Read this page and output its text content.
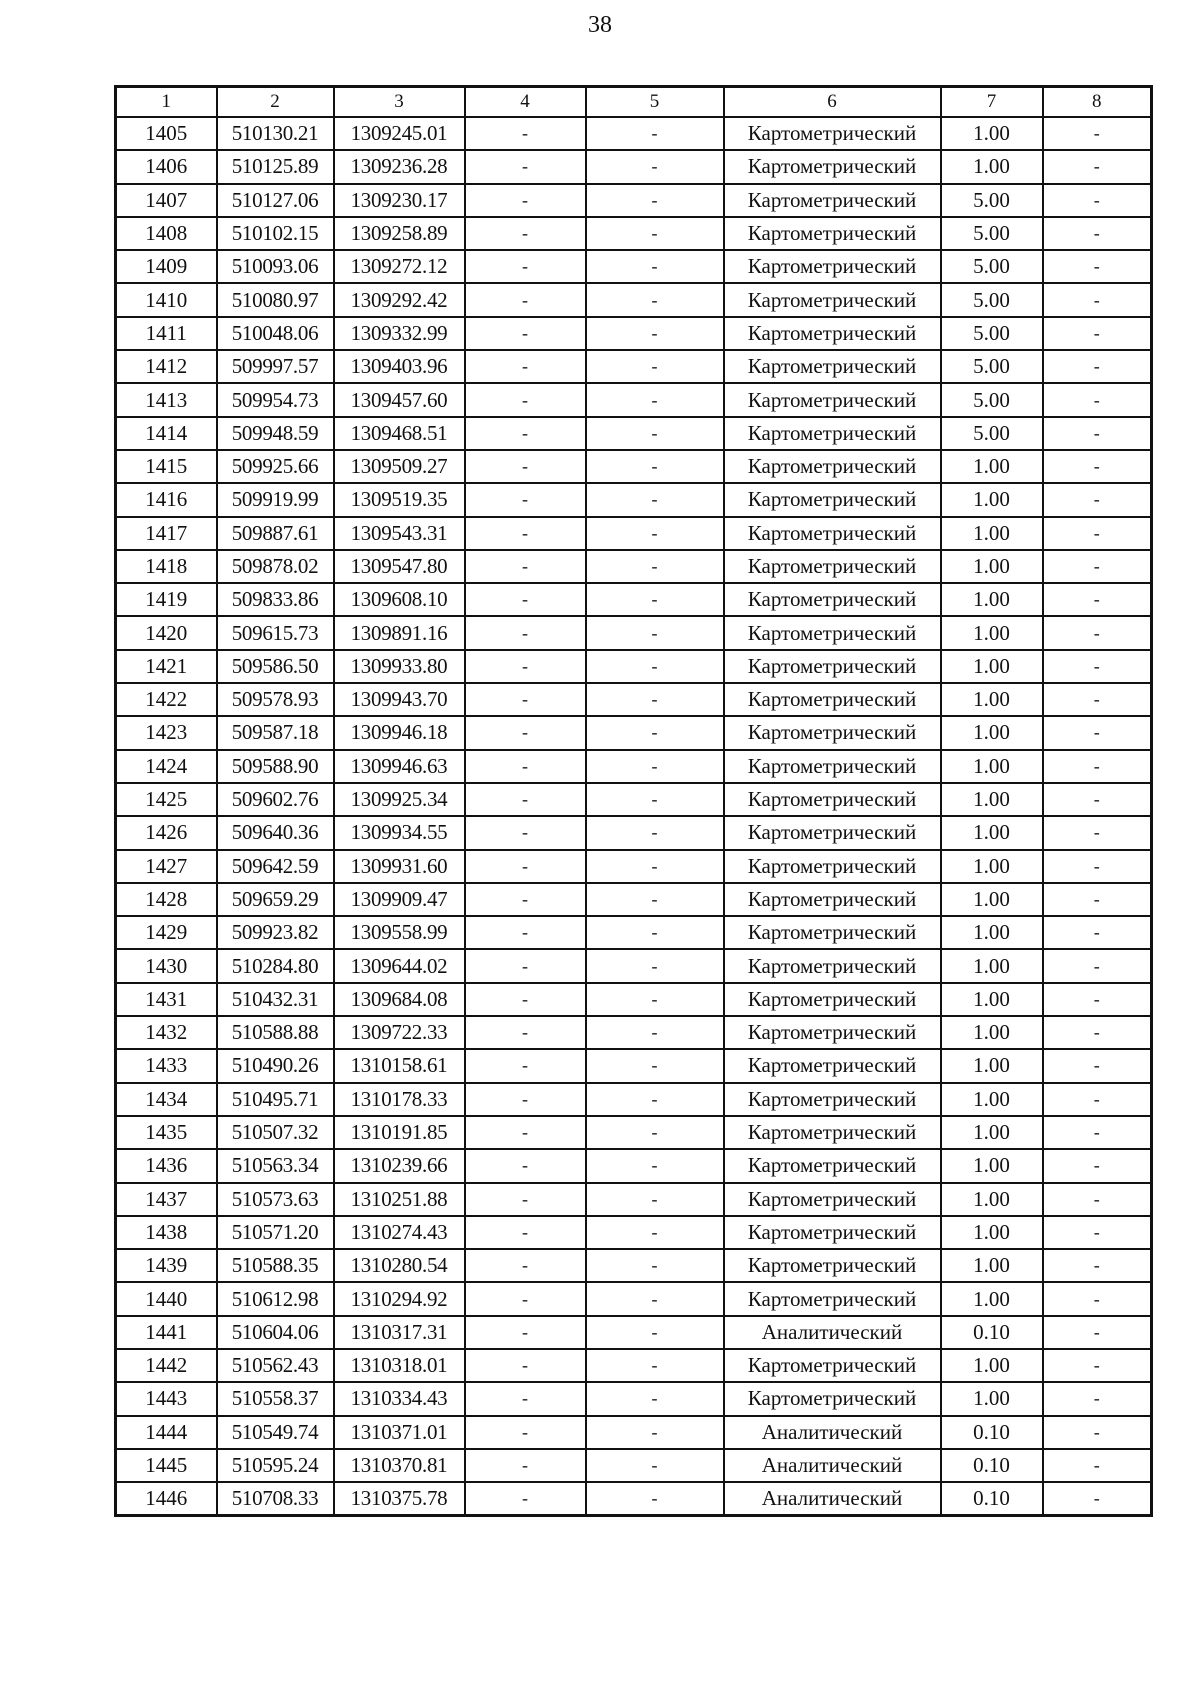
38
1	2	3	4	5	6	7	8
1405	510130.21	1309245.01	-	-	Картометрический	1.00	-
1406	510125.89	1309236.28	-	-	Картометрический	1.00	-
1407	510127.06	1309230.17	-	-	Картометрический	5.00	-
1408	510102.15	1309258.89	-	-	Картометрический	5.00	-
1409	510093.06	1309272.12	-	-	Картометрический	5.00	-
1410	510080.97	1309292.42	-	-	Картометрический	5.00	-
1411	510048.06	1309332.99	-	-	Картометрический	5.00	-
1412	509997.57	1309403.96	-	-	Картометрический	5.00	-
1413	509954.73	1309457.60	-	-	Картометрический	5.00	-
1414	509948.59	1309468.51	-	-	Картометрический	5.00	-
1415	509925.66	1309509.27	-	-	Картометрический	1.00	-
1416	509919.99	1309519.35	-	-	Картометрический	1.00	-
1417	509887.61	1309543.31	-	-	Картометрический	1.00	-
1418	509878.02	1309547.80	-	-	Картометрический	1.00	-
1419	509833.86	1309608.10	-	-	Картометрический	1.00	-
1420	509615.73	1309891.16	-	-	Картометрический	1.00	-
1421	509586.50	1309933.80	-	-	Картометрический	1.00	-
1422	509578.93	1309943.70	-	-	Картометрический	1.00	-
1423	509587.18	1309946.18	-	-	Картометрический	1.00	-
1424	509588.90	1309946.63	-	-	Картометрический	1.00	-
1425	509602.76	1309925.34	-	-	Картометрический	1.00	-
1426	509640.36	1309934.55	-	-	Картометрический	1.00	-
1427	509642.59	1309931.60	-	-	Картометрический	1.00	-
1428	509659.29	1309909.47	-	-	Картометрический	1.00	-
1429	509923.82	1309558.99	-	-	Картометрический	1.00	-
1430	510284.80	1309644.02	-	-	Картометрический	1.00	-
1431	510432.31	1309684.08	-	-	Картометрический	1.00	-
1432	510588.88	1309722.33	-	-	Картометрический	1.00	-
1433	510490.26	1310158.61	-	-	Картометрический	1.00	-
1434	510495.71	1310178.33	-	-	Картометрический	1.00	-
1435	510507.32	1310191.85	-	-	Картометрический	1.00	-
1436	510563.34	1310239.66	-	-	Картометрический	1.00	-
1437	510573.63	1310251.88	-	-	Картометрический	1.00	-
1438	510571.20	1310274.43	-	-	Картометрический	1.00	-
1439	510588.35	1310280.54	-	-	Картометрический	1.00	-
1440	510612.98	1310294.92	-	-	Картометрический	1.00	-
1441	510604.06	1310317.31	-	-	Аналитический	0.10	-
1442	510562.43	1310318.01	-	-	Картометрический	1.00	-
1443	510558.37	1310334.43	-	-	Картометрический	1.00	-
1444	510549.74	1310371.01	-	-	Аналитический	0.10	-
1445	510595.24	1310370.81	-	-	Аналитический	0.10	-
1446	510708.33	1310375.78	-	-	Аналитический	0.10	-
